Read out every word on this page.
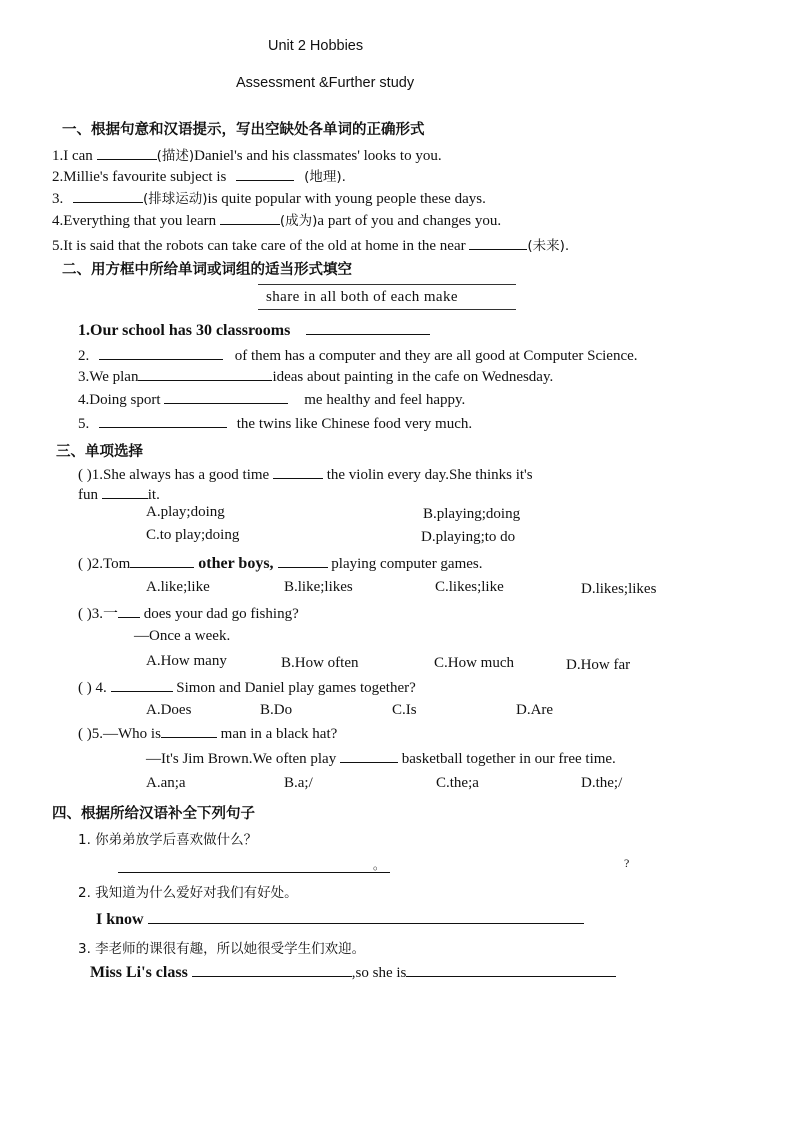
Unit 2 Hobbies
Assessment &Further study
一、根据句意和汉语提示，写出空缺处各单词的正确形式
1.I can	(描述)Daniel's and his classmates' looks to you.
2.Millie's favourite subject is	(地理).
3.	(排球运动)is quite popular with young people these days.
4.Everything that you learn	(成为)a part of you and changes you.
5.It is said that the robots can take care of the old at home in the near	(未来).
二、用方框中所给单词或词组的适当形式填空
share in all both of each make
1.Our school has 30 classrooms
2.	of them has a computer and they are all good at Computer Science.
3.We plan	ideas about painting in the cafe on Wednesday.
4.Doing sport	me healthy and feel happy.
5.	the twins like Chinese food very much.
三、单项选择
( )1.She always has a good time	the violin every day.She thinks it's
fun	it.
A.play;doing	B.playing;doing
C.to play;doing	D.playing;to do
( )2.Tom	other boys,	playing computer games.
A.like;like	B.like;likes	C.likes;like	D.likes;likes
( )3.一 does your dad go fishing?
—Once a week.
A.How many	B.How often	C.How much	D.How far
( ) 4.	Simon and Daniel play games together?
A.Does	B.Do	C.Is	D.Are
( )5.—Who is	man in a black hat?
—It's Jim Brown.We often play	basketball together in our free time.
A.an;a	B.a;/	C.the;a	D.the;/
四、根据所给汉语补全下列句子
1. 你弟弟放学后喜欢做什么？
。	?
2. 我知道为什么爱好对我们有好处。
I know
3. 李老师的课很有趣，所以她很受学生们欢迎。
Miss Li's class	,so she is
